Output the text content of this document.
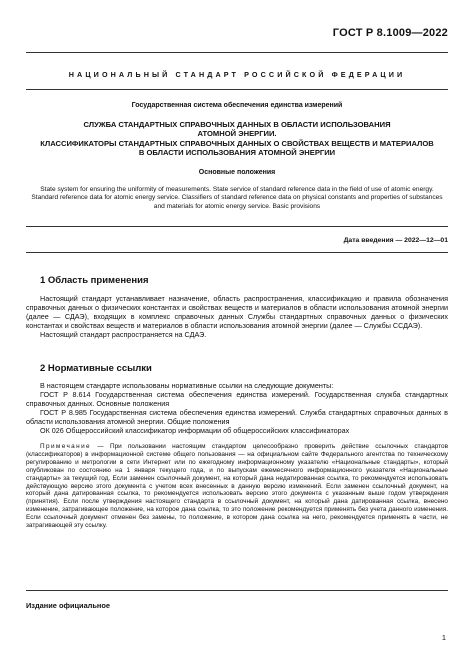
ГОСТ Р 8.1009—2022
НАЦИОНАЛЬНЫЙ СТАНДАРТ РОССИЙСКОЙ ФЕДЕРАЦИИ
Государственная система обеспечения единства измерений
СЛУЖБА СТАНДАРТНЫХ СПРАВОЧНЫХ ДАННЫХ В ОБЛАСТИ ИСПОЛЬЗОВАНИЯ
АТОМНОЙ ЭНЕРГИИ.
КЛАССИФИКАТОРЫ СТАНДАРТНЫХ СПРАВОЧНЫХ ДАННЫХ О СВОЙСТВАХ ВЕЩЕСТВ И МАТЕРИАЛОВ
В ОБЛАСТИ ИСПОЛЬЗОВАНИЯ АТОМНОЙ ЭНЕРГИИ
Основные положения
State system for ensuring the uniformity of measurements. State service of standard reference data in the field of use of atomic energy. Standard reference data for atomic energy service. Classifiers of standard reference data on physical constants and properties of substances and materials for atomic energy service. Basic provisions
Дата введения — 2022—12—01
1 Область применения

Настоящий стандарт устанавливает назначение, область распространения, классификацию и правила обозначения справочных данных о физических константах и свойствах веществ и материалов в области использования атомной энергии (далее — СДАЭ), входящих в комплекс справочных данных Службы стандартных справочных данных о физических константах и свойствах веществ и материалов в области использования атомной энергии (далее — Службы ССДАЭ).

Настоящий стандарт распространяется на СДАЭ.

2 Нормативные ссылки

В настоящем стандарте использованы нормативные ссылки на следующие документы:

ГОСТ Р 8.614 Государственная система обеспечения единства измерений. Государственная служба стандартных справочных данных. Основные положения

ГОСТ Р 8.985 Государственная система обеспечения единства измерений. Служба стандартных справочных данных в области использования атомной энергии. Общие положения

ОК 026 Общероссийский классификатор информации об общероссийских классификаторах

Примечание — При пользовании настоящим стандартом целесообразно проверить действие ссылочных стандартов (классификаторов) в информационной системе общего пользования — на официальном сайте Федерального агентства по техническому регулированию и метрологии в сети Интернет или по ежегодному информационному указателю «Национальные стандарты», который опубликован по состоянию на 1 января текущего года, и по выпускам ежемесячного информационного указателя «Национальные стандарты» за текущий год. Если заменен ссылочный документ, на который дана недатированная ссылка, то рекомендуется использовать действующую версию этого документа с учетом всех внесенных в данную версию изменений. Если заменен ссылочный документ, на который дана датированная ссылка, то рекомендуется использовать версию этого документа с указанным выше годом утверждения (принятия). Если после утверждения настоящего стандарта в ссылочный документ, на который дана датированная ссылка, внесено изменение, затрагивающее положение, на которое дана ссылка, то это положение рекомендуется применять без учета данного изменения. Если ссылочный документ отменен без замены, то положение, в котором дана ссылка на него, рекомендуется применять в части, не затрагивающей эту ссылку.
Издание официальное
1
